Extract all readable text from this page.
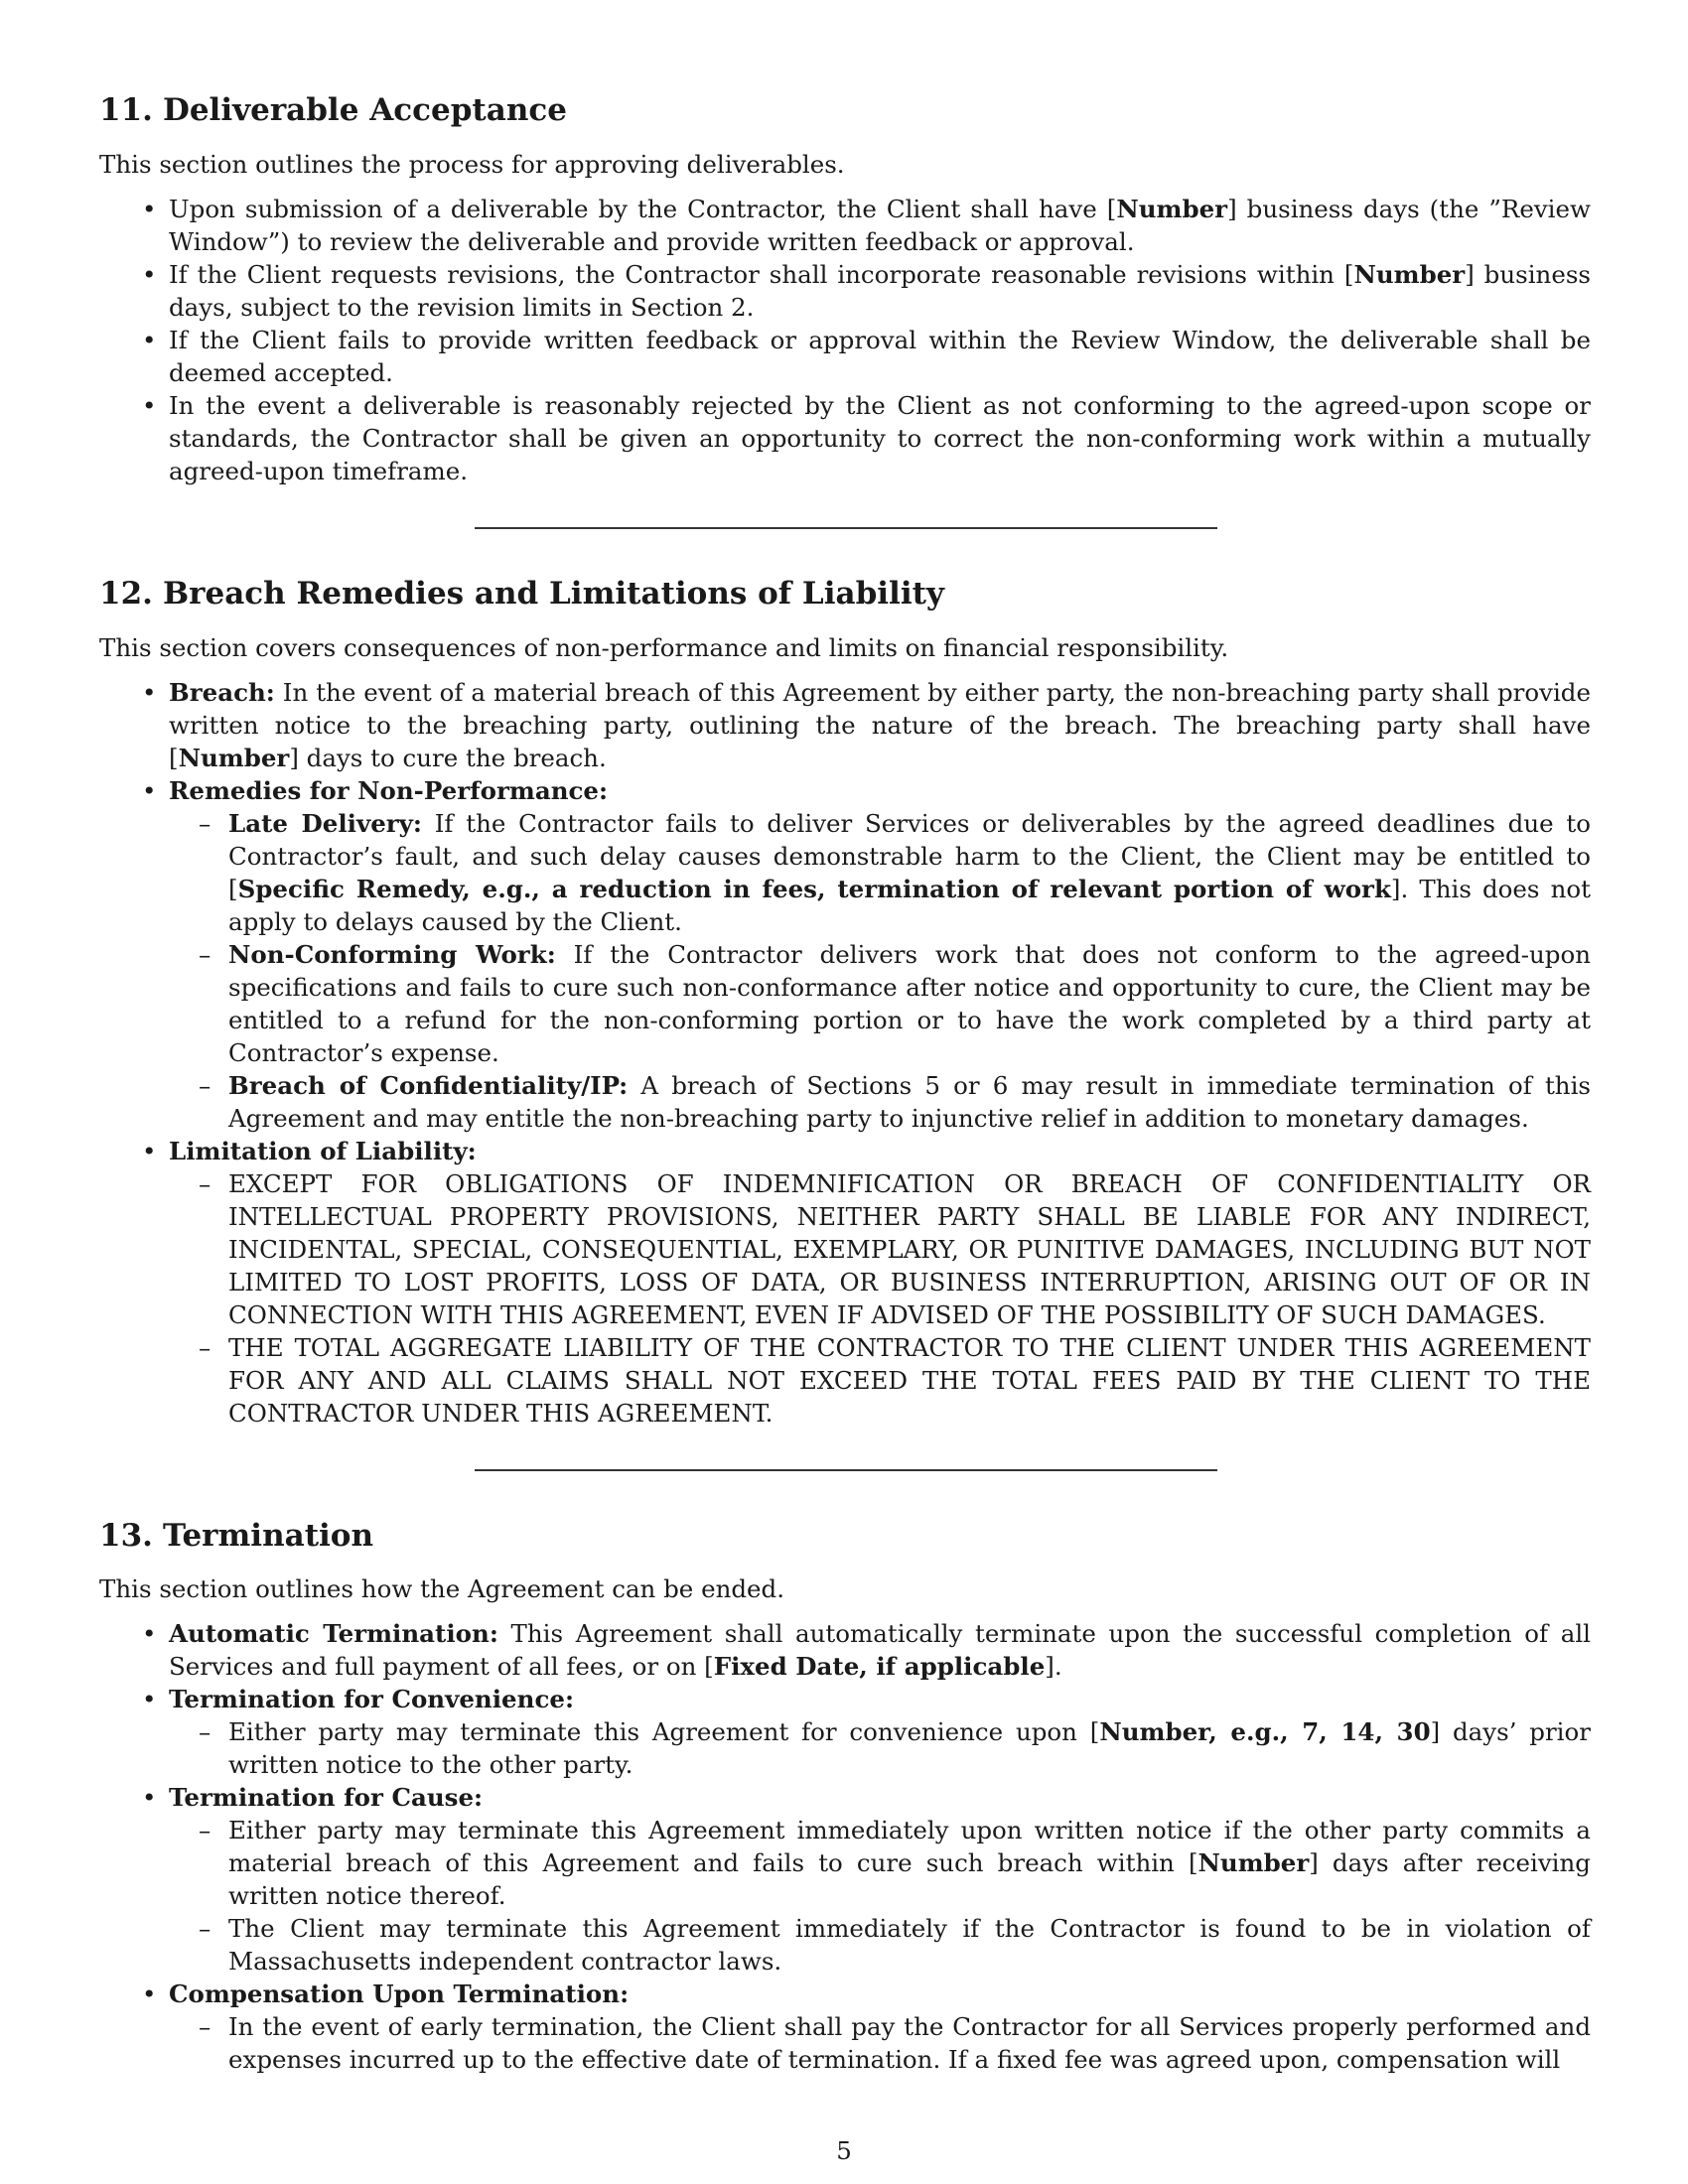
11. Deliverable Acceptance

This section outlines the process for approving deliverables.

• Upon submission of a deliverable by the Contractor, the Client shall have [Number] business days (the ”Review Window”) to review the deliverable and provide written feedback or approval.
• If the Client requests revisions, the Contractor shall incorporate reasonable revisions within [Number] business days, subject to the revision limits in Section 2.
• If the Client fails to provide written feedback or approval within the Review Window, the deliverable shall be deemed accepted.
• In the event a deliverable is reasonably rejected by the Client as not conforming to the agreed-upon scope or standards, the Contractor shall be given an opportunity to correct the non-conforming work within a mutually agreed-upon timeframe.
12. Breach Remedies and Limitations of Liability

This section covers consequences of non-performance and limits on financial responsibility.

• Breach: In the event of a material breach of this Agreement by either party, the non-breaching party shall provide written notice to the breaching party, outlining the nature of the breach. The breaching party shall have [Number] days to cure the breach.
• Remedies for Non-Performance:
– Late Delivery: If the Contractor fails to deliver Services or deliverables by the agreed deadlines due to Contractor’s fault, and such delay causes demonstrable harm to the Client, the Client may be entitled to [Specific Remedy, e.g., a reduction in fees, termination of relevant portion of work]. This does not apply to delays caused by the Client.
– Non-Conforming Work: If the Contractor delivers work that does not conform to the agreed-upon specifications and fails to cure such non-conformance after notice and opportunity to cure, the Client may be entitled to a refund for the non-conforming portion or to have the work completed by a third party at Contractor’s expense.
– Breach of Confidentiality/IP: A breach of Sections 5 or 6 may result in immediate termination of this Agreement and may entitle the non-breaching party to injunctive relief in addition to monetary damages.
• Limitation of Liability:
– EXCEPT FOR OBLIGATIONS OF INDEMNIFICATION OR BREACH OF CONFIDENTIALITY OR INTELLECTUAL PROPERTY PROVISIONS, NEITHER PARTY SHALL BE LIABLE FOR ANY INDIRECT, INCIDENTAL, SPECIAL, CONSEQUENTIAL, EXEMPLARY, OR PUNITIVE DAMAGES, INCLUDING BUT NOT LIMITED TO LOST PROFITS, LOSS OF DATA, OR BUSINESS INTERRUPTION, ARISING OUT OF OR IN CONNECTION WITH THIS AGREEMENT, EVEN IF ADVISED OF THE POSSIBILITY OF SUCH DAMAGES.
– THE TOTAL AGGREGATE LIABILITY OF THE CONTRACTOR TO THE CLIENT UNDER THIS AGREEMENT FOR ANY AND ALL CLAIMS SHALL NOT EXCEED THE TOTAL FEES PAID BY THE CLIENT TO THE CONTRACTOR UNDER THIS AGREEMENT.
13. Termination

This section outlines how the Agreement can be ended.

• Automatic Termination: This Agreement shall automatically terminate upon the successful completion of all Services and full payment of all fees, or on [Fixed Date, if applicable].
• Termination for Convenience:
– Either party may terminate this Agreement for convenience upon [Number, e.g., 7, 14, 30] days’ prior written notice to the other party.
• Termination for Cause:
– Either party may terminate this Agreement immediately upon written notice if the other party commits a material breach of this Agreement and fails to cure such breach within [Number] days after receiving written notice thereof.
– The Client may terminate this Agreement immediately if the Contractor is found to be in violation of Massachusetts independent contractor laws.
• Compensation Upon Termination:
– In the event of early termination, the Client shall pay the Contractor for all Services properly performed and expenses incurred up to the effective date of termination. If a fixed fee was agreed upon, compensation will
5
